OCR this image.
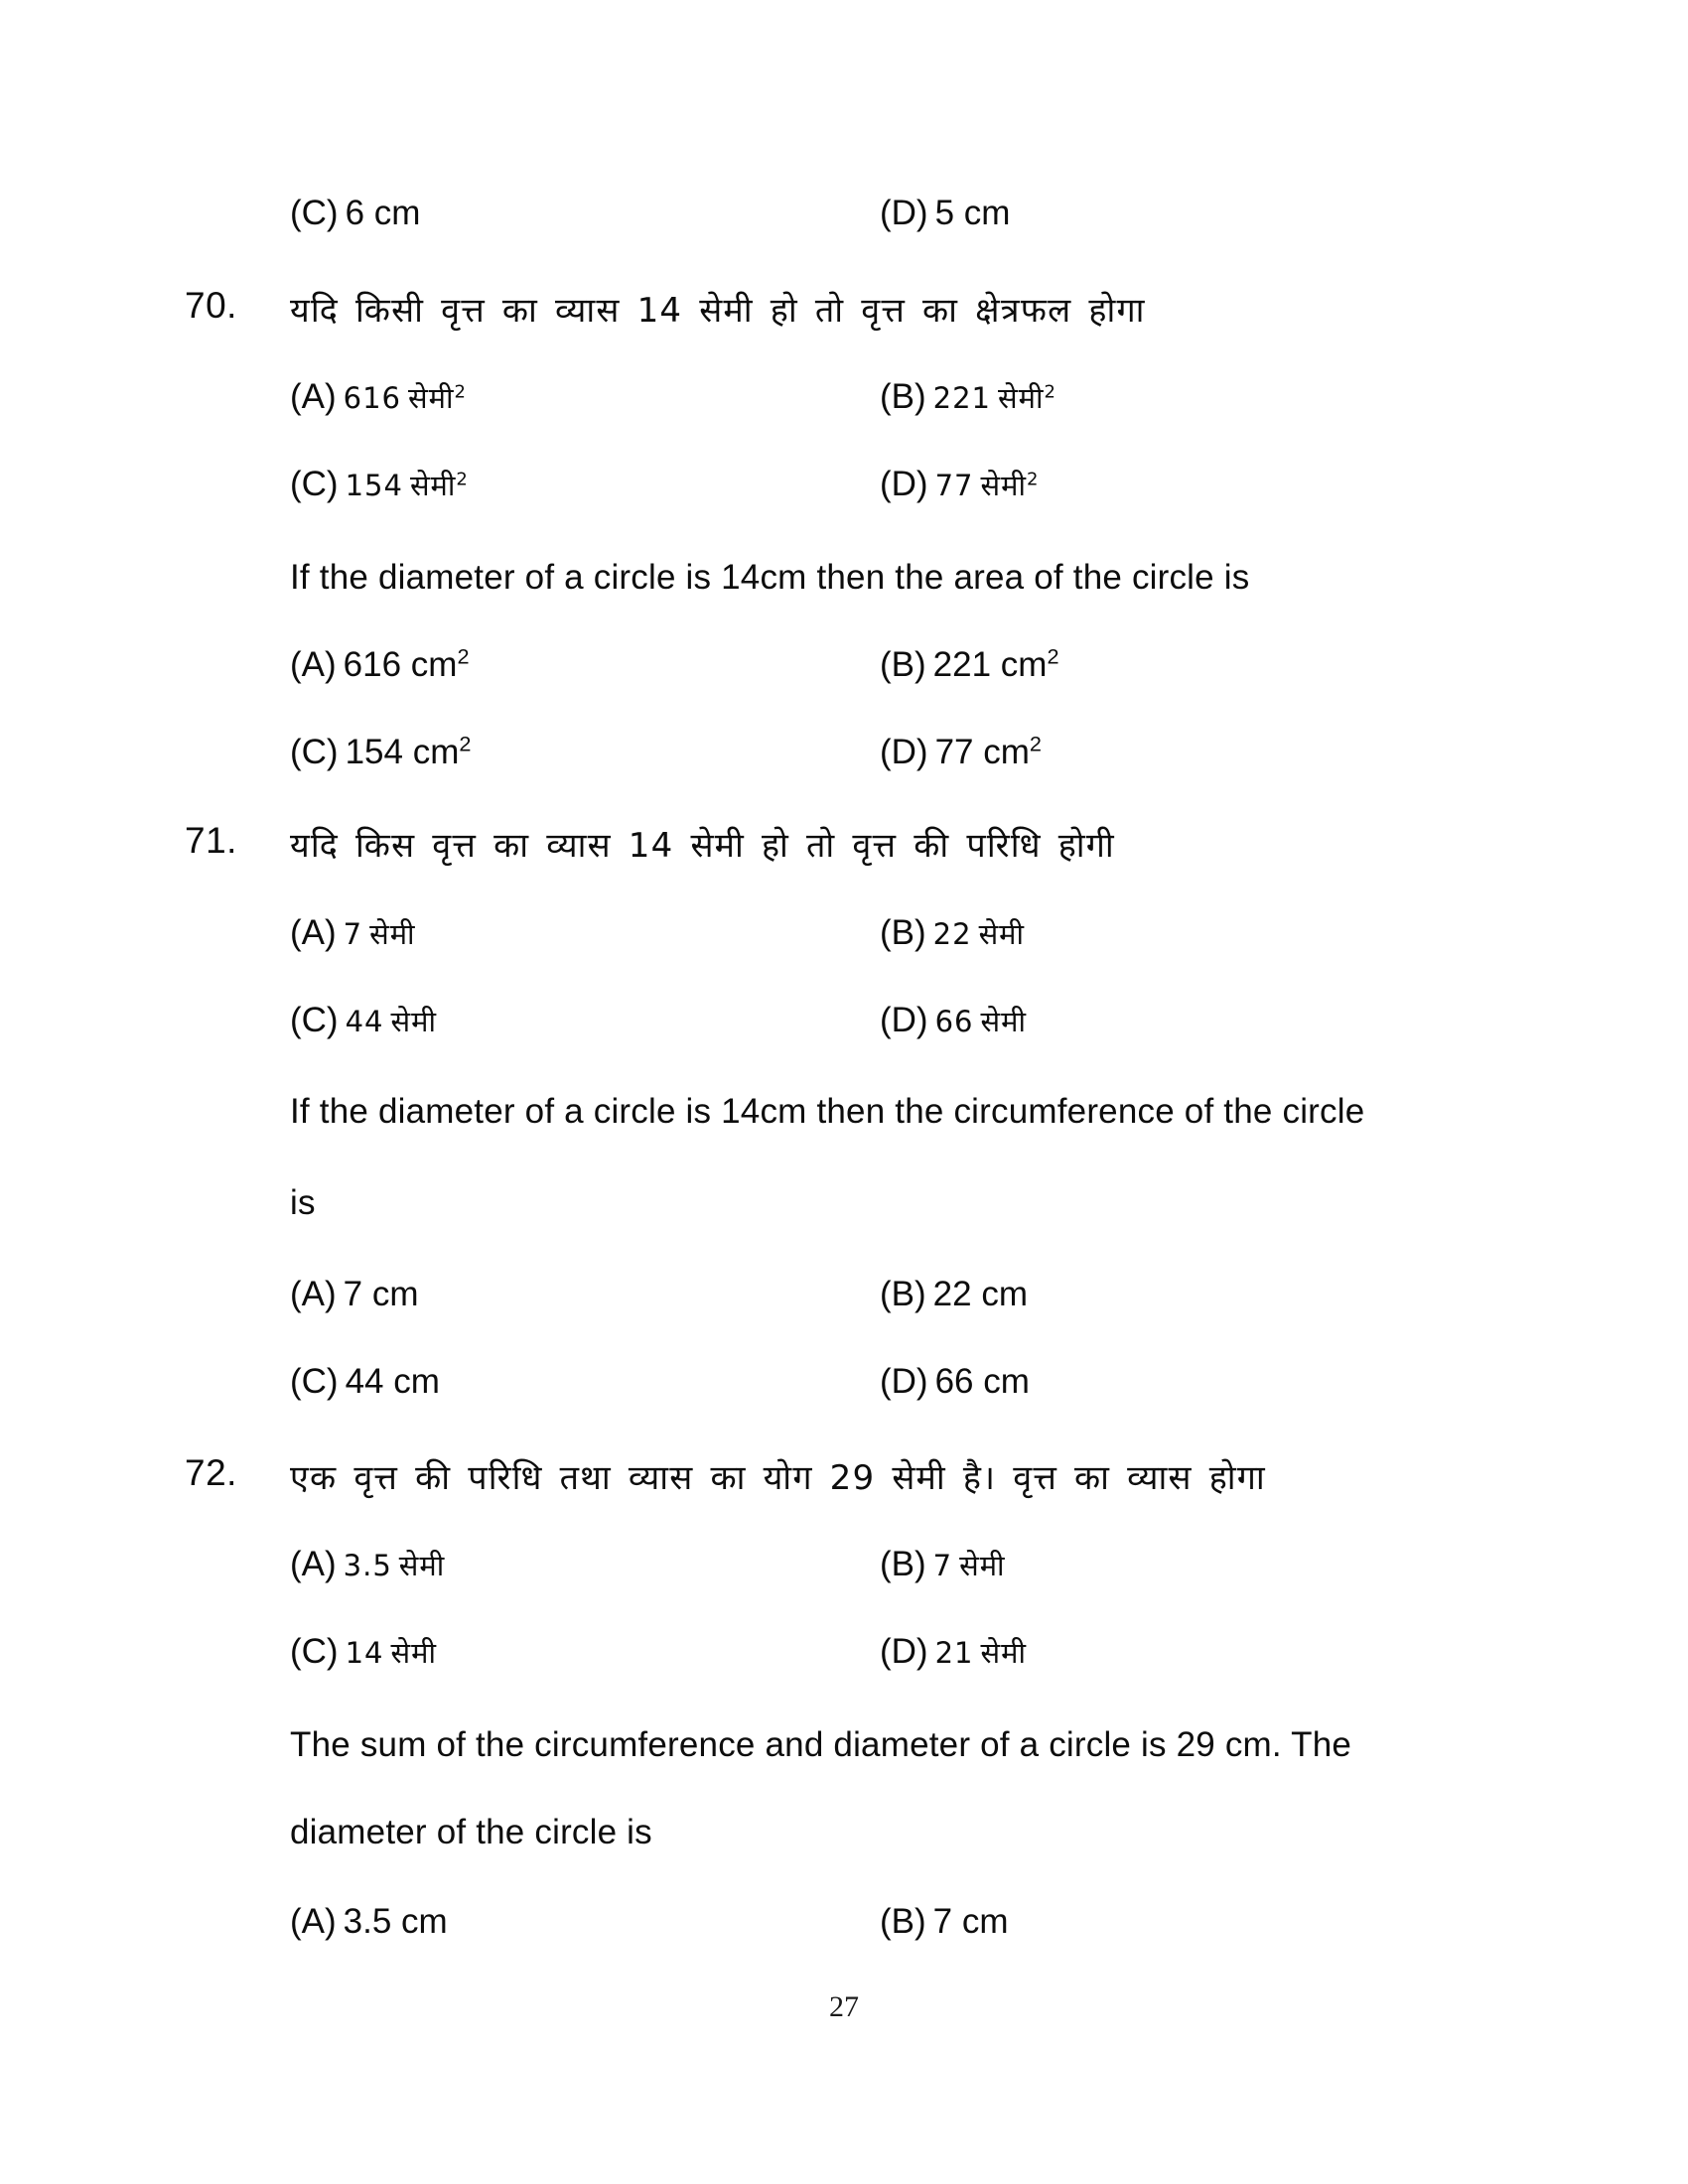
(C) 6 cm	(D) 5 cm
70.	यदि किसी वृत्त का व्यास 14 सेमी हो तो वृत्त का क्षेत्रफल होगा
(A) 616 सेमी$^2$	(B) 221 सेमी$^2$
(C) 154 सेमी$^2$	(D) 77 सेमी$^2$
If the diameter of a circle is 14cm then the area of the circle is
(A) 616 $cm^2$	(B) 221 $cm^2$
(C) 154 $cm^2$	(D) 77 $cm^2$
71.	यदि किस वृत्त का व्यास 14 सेमी हो तो वृत्त की परिधि होगी
(A) 7 सेमी	(B) 22 सेमी
(C) 44 सेमी	(D) 66 सेमी
If the diameter of a circle is 14cm then the circumference of the circle
is
(A) 7 cm	(B) 22 cm
(C) 44 cm	(D) 66 cm
72.	एक वृत्त की परिधि तथा व्यास का योग 29 सेमी है। वृत्त का व्यास होगा
(A) 3.5 सेमी	(B) 7 सेमी
(C) 14 सेमी	(D) 21 सेमी
The sum of the circumference and diameter of a circle is 29 cm. The
diameter of the circle is
(A) 3.5 cm	(B) 7 cm
27
